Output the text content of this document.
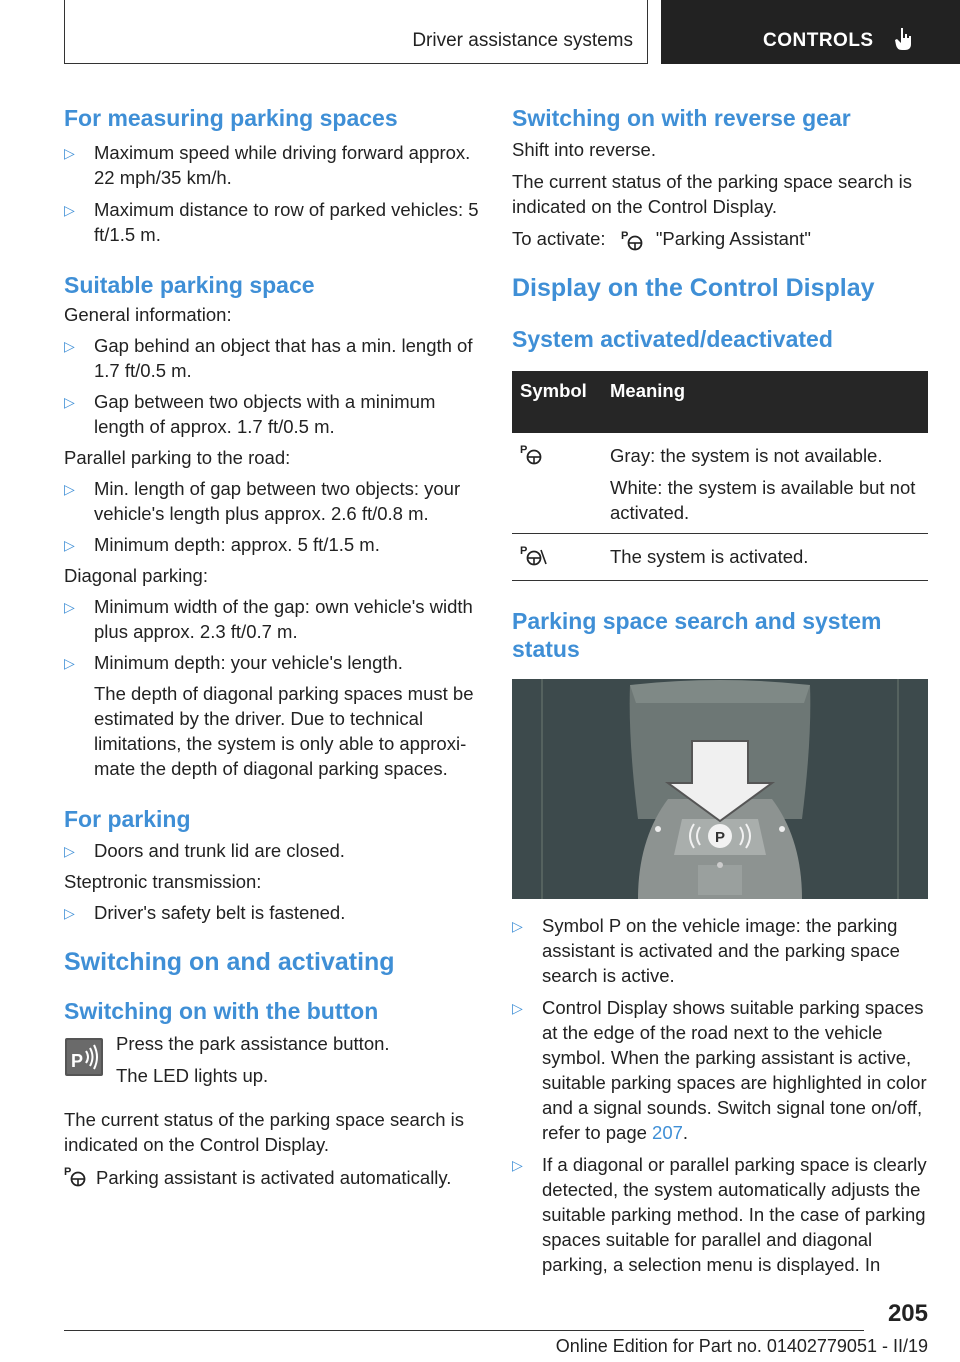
Driver assistance systems	CONTROLS
For measuring parking spaces
▷ Maximum speed while driving forward approx. 22 mph/35 km/h.
▷ Maximum distance to row of parked vehicles: 5 ft/1.5 m.
Suitable parking space

General information:

▷ Gap behind an object that has a min. length of 1.7 ft/0.5 m.
▷ Gap between two objects with a minimum length of approx. 1.7 ft/0.5 m.

Parallel parking to the road:

▷ Min. length of gap between two objects: your vehicle's length plus approx. 2.6 ft/0.8 m.
▷ Minimum depth: approx. 5 ft/1.5 m.

Diagonal parking:

▷ Minimum width of the gap: own vehicle's width plus approx. 2.3 ft/0.7 m.
▷ Minimum depth: your vehicle's length.

The depth of diagonal parking spaces must be estimated by the driver. Due to technical limitations, the system is only able to approximate the depth of diagonal parking spaces.

For parking
▷ Doors and trunk lid are closed.

Steptronic transmission:

▷ Driver's safety belt is fastened.
Switching on and activating
Switching on with the button
P

Press the park assistance button.

The LED lights up.

The current status of the parking space search is indicated on the Control Display.

P Parking assistant is activated automatically.

Switching on with reverse gear

Shift into reverse.

The current status of the parking space search is indicated on the Control Display.

To activate: P "Parking Assistant"

Display on the Control Display
System activated/deactivated
Symbol	Meaning

P	Gray: the system is not available.
White: the system is available but not activated.

P	The system is activated.
Parking space search and system status
P
▷ Symbol P on the vehicle image: the parking assistant is activated and the parking space search is active.
▷ Control Display shows suitable parking spaces at the edge of the road next to the vehicle symbol. When the parking assistant is active, suitable parking spaces are highlighted in color and a signal sounds. Switch signal tone on/off, refer to page 207.
▷ If a diagonal or parallel parking space is clearly detected, the system automatically adjusts the suitable parking method. In the case of parking spaces suitable for parallel and diagonal parking, a selection menu is displayed. In
205
Online Edition for Part no. 01402779051 - II/19
